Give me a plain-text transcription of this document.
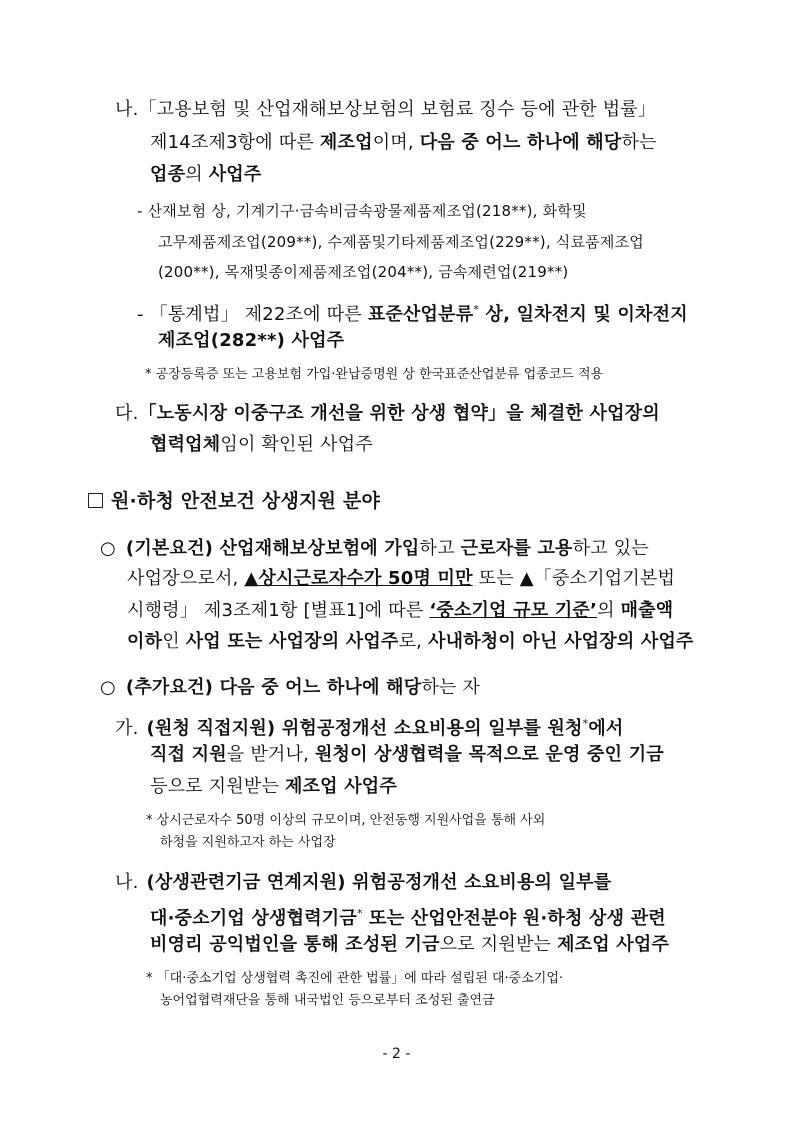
나.「고용보험 및 산업재해보상보험의 보험료 징수 등에 관한 법률」
제14조제3항에 따른 제조업이며, 다음 중 어느 하나에 해당하는
업종의 사업주
- 산재보험 상, 기계기구·금속비금속광물제품제조업(218**), 화학및
고무제품제조업(209**), 수제품및기타제품제조업(229**), 식료품제조업
(200**), 목재및종이제품제조업(204**), 금속제련업(219**)
- 「통계법」 제22조에 따른 표준산업분류* 상, 일차전지 및 이차전지
제조업(282**) 사업주
* 공장등록증 또는 고용보험 가입·완납증명원 상 한국표준산업분류 업종코드 적용
다.「노동시장 이중구조 개선을 위한 상생 협약」을 체결한 사업장의
협력업체임이 확인된 사업주
원·하청 안전보건 상생지원 분야
○ (기본요건) 산업재해보상보험에 가입하고 근로자를 고용하고 있는
사업장으로서, ▲상시근로자수가 50명 미만 또는 ▲「중소기업기본법
시행령」 제3조제1항 [별표1]에 따른 ‘중소기업 규모 기준’의 매출액
이하인 사업 또는 사업장의 사업주로, 사내하청이 아닌 사업장의 사업주
○ (추가요건) 다음 중 어느 하나에 해당하는 자
가. (원청 직접지원) 위험공정개선 소요비용의 일부를 원청*에서
직접 지원을 받거나, 원청이 상생협력을 목적으로 운영 중인 기금
등으로 지원받는 제조업 사업주
* 상시근로자수 50명 이상의 규모이며, 안전동행 지원사업을 통해 사외
하청을 지원하고자 하는 사업장
나. (상생관련기금 연계지원) 위험공정개선 소요비용의 일부를
대·중소기업 상생협력기금* 또는 산업안전분야 원·하청 상생 관련
비영리 공익법인을 통해 조성된 기금으로 지원받는 제조업 사업주
* 「대·중소기업 상생협력 촉진에 관한 법률」에 따라 설립된 대·중소기업·
농어업협력재단을 통해 내국법인 등으로부터 조성된 출연금
- 2 -
